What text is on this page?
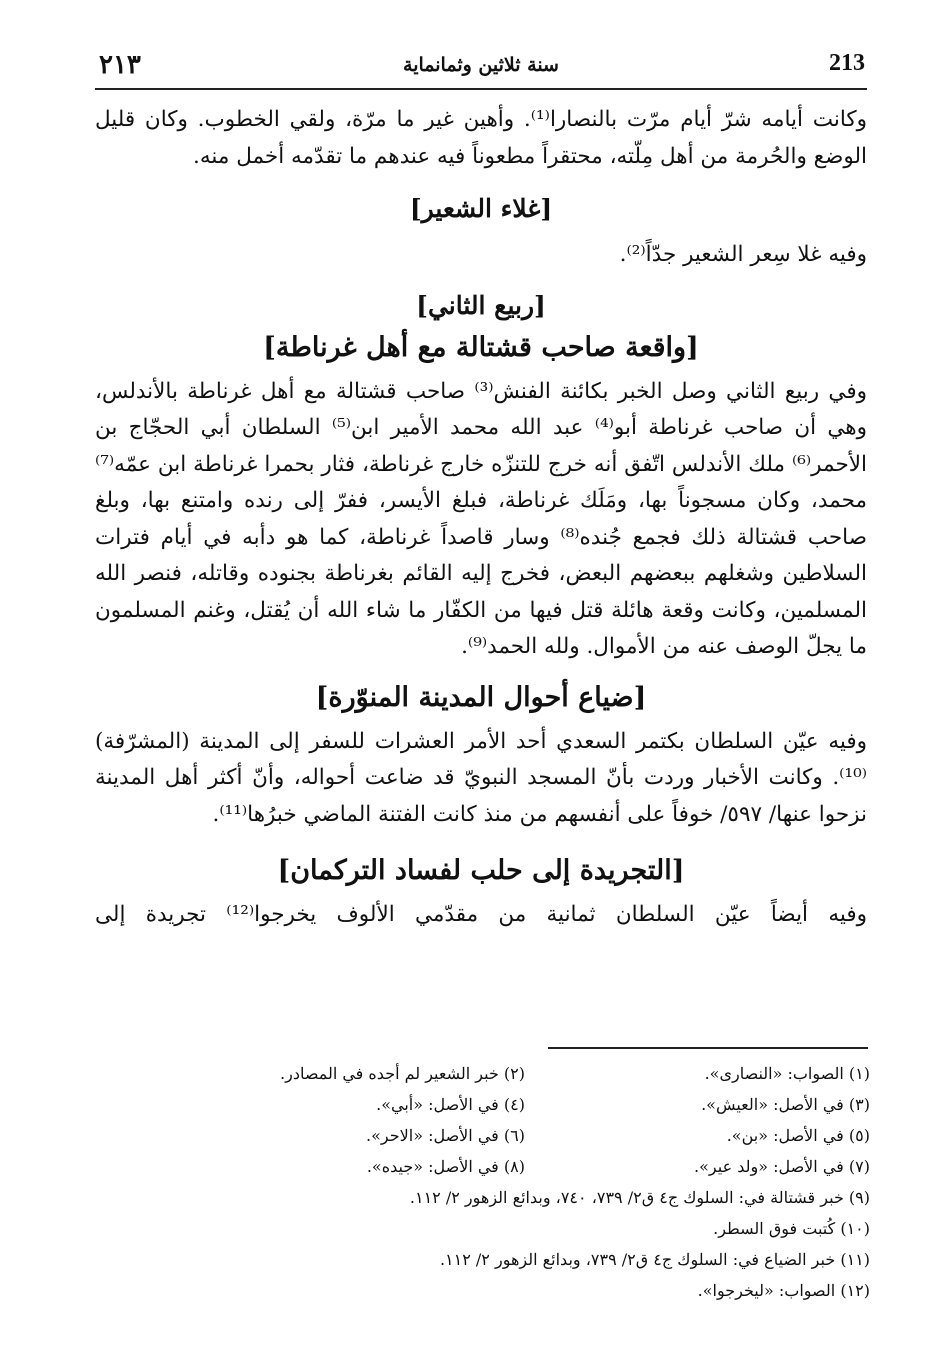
٢١٣	سنة ثلاثين وثمانماية	213

وكانت أيامه شرّ أيام مرّت بالنصارا⁽¹⁾. وأهين غير ما مرّة، ولقي الخطوب. وكان قليل الوضع والحُرمة من أهل مِلّته، محتقراً مطعوناً فيه عندهم ما تقدّمه أخمل منه.

[غلاء الشعير]

وفيه غلا سِعر الشعير جدّاً⁽²⁾.

[ربيع الثاني]

[واقعة صاحب قشتالة مع أهل غرناطة]

وفي ربيع الثاني وصل الخبر بكائنة الفنش⁽³⁾ صاحب قشتالة مع أهل غرناطة بالأندلس، وهي أن صاحب غرناطة أبو⁽⁴⁾ عبد الله محمد الأمير ابن⁽⁵⁾ السلطان أبي الحجّاج بن الأحمر⁽⁶⁾ ملك الأندلس اتّفق أنه خرج للتنزّه خارج غرناطة، فثار بحمرا غرناطة ابن عمّه⁽⁷⁾ محمد، وكان مسجوناً بها، ومَلَك غرناطة، فبلغ الأيسر، ففرّ إلى رنده وامتنع بها، وبلغ صاحب قشتالة ذلك فجمع جُنده⁽⁸⁾ وسار قاصداً غرناطة، كما هو دأبه في أيام فترات السلاطين وشغلهم ببعضهم البعض، فخرج إليه القائم بغرناطة بجنوده وقاتله، فنصر الله المسلمين، وكانت وقعة هائلة قتل فيها من الكفّار ما شاء الله أن يُقتل، وغنم المسلمون ما يجلّ الوصف عنه من الأموال. ولله الحمد⁽⁹⁾.

[ضياع أحوال المدينة المنوّرة]

وفيه عيّن السلطان بكتمر السعدي أحد الأمر العشرات للسفر إلى المدينة (المشرّفة)⁽¹⁰⁾. وكانت الأخبار وردت بأنّ المسجد النبويّ قد ضاعت أحواله، وأنّ أكثر أهل المدينة نزحوا عنها/ ٥٩٧/ خوفاً على أنفسهم من منذ كانت الفتنة الماضي خبرُها⁽¹¹⁾.

[التجريدة إلى حلب لفساد التركمان]

وفيه أيضاً عيّن السلطان ثمانية من مقدّمي الألوف يخرجوا⁽¹²⁾ تجريدة إلى

(١) الصواب: «النصارى».
(٢) خبر الشعير لم أجده في المصادر.
(٣) في الأصل: «العيش».
(٤) في الأصل: «أبي».
(٥) في الأصل: «بن».
(٦) في الأصل: «الاحر».
(٧) في الأصل: «ولد عير».
(٨) في الأصل: «جيده».
(٩) خبر قشتالة في: السلوك ج٤ ق٢/ ٧٣٩، ٧٤٠، وبدائع الزهور ٢/ ١١٢.
(١٠) كُتبت فوق السطر.
(١١) خبر الضياع في: السلوك ج٤ ق٢/ ٧٣٩، وبدائع الزهور ٢/ ١١٢.
(١٢) الصواب: «ليخرجوا».
